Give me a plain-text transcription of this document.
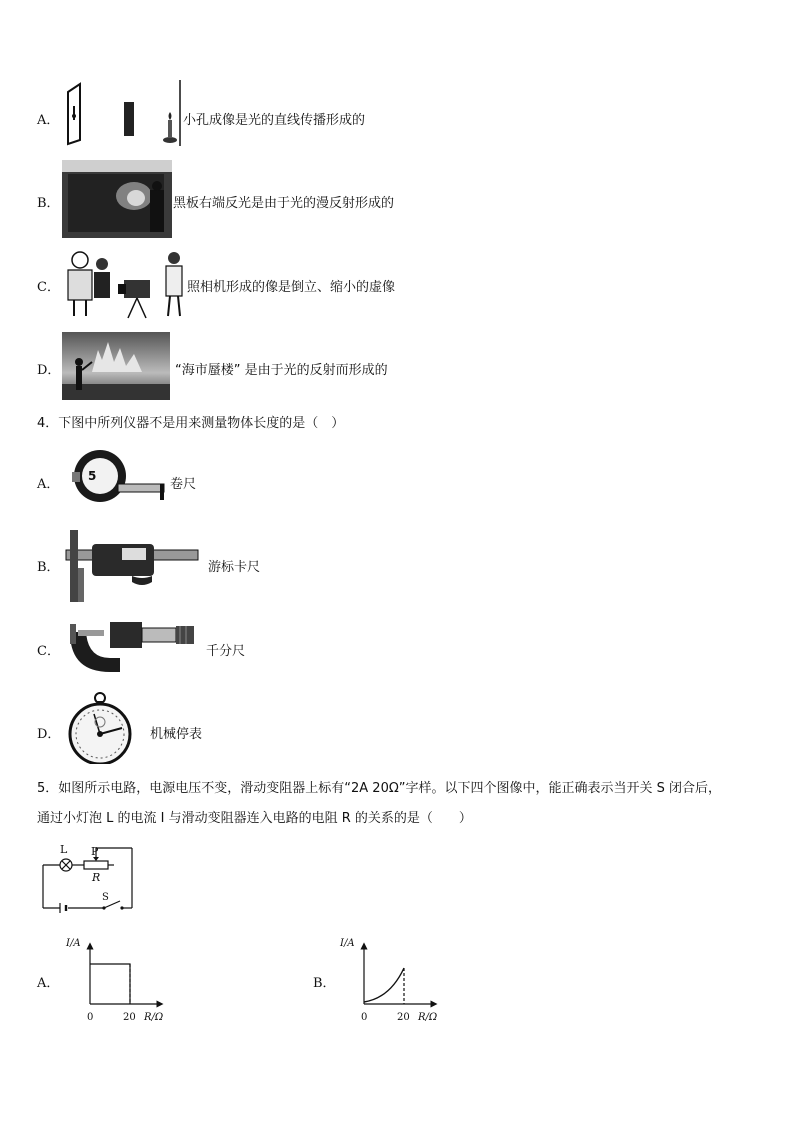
A．	小孔成像是光的直线传播形成的
B．	黑板右端反光是由于光的漫反射形成的
C．	照相机形成的像是倒立、缩小的虚像
D．	“海市蜃楼” 是由于光的反射而形成的
4．下图中所列仪器不是用来测量物体长度的是（　）
A．
5
卷尺
B．	游标卡尺
C．	千分尺
D．	机械停表
5．如图所示电路，电源电压不变，滑动变阻器上标有“2A 20Ω”字样。以下四个图像中，能正确表示当开关 S 闭合后，
通过小灯泡 L 的电流 I 与滑动变阻器连入电路的电阻 R 的关系的是（　　）
L P
R
S
A．
I/A
0	20 R/Ω
B．
I/A
0	20 R/Ω
